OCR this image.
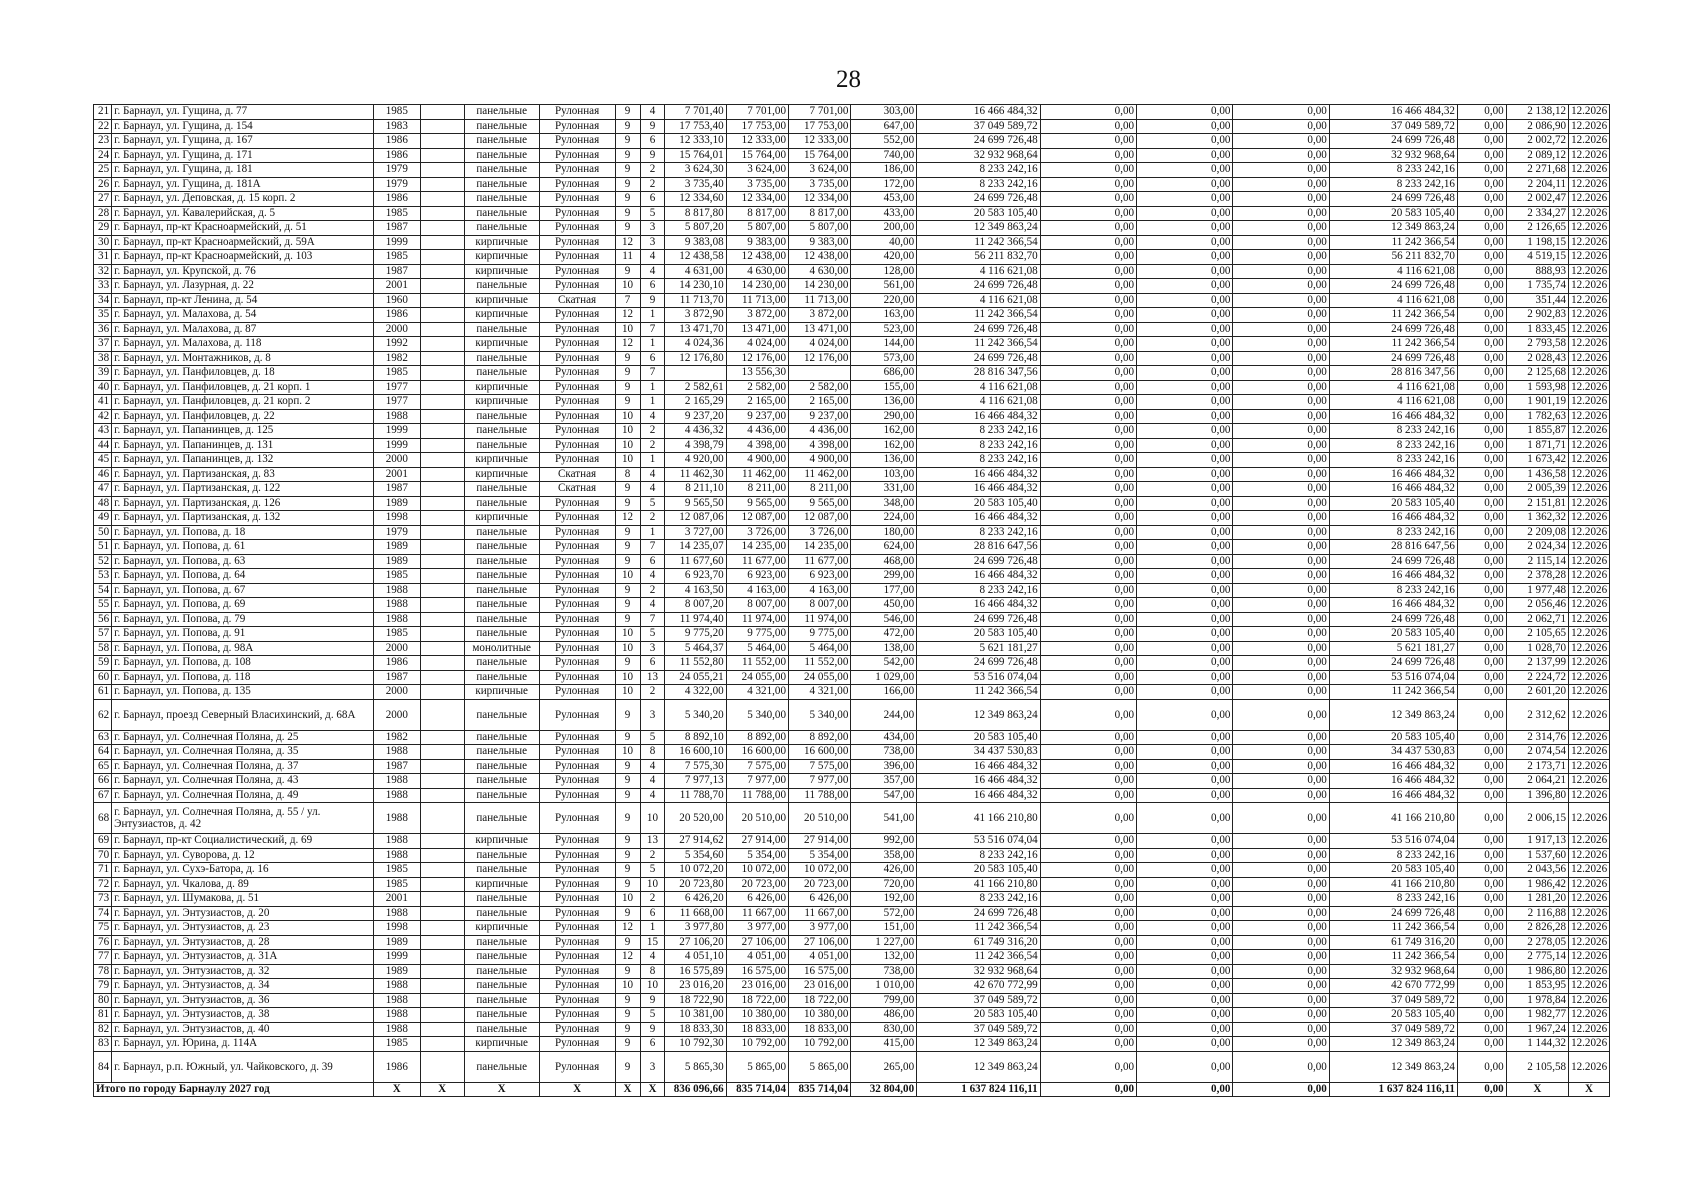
28
21	г. Барнаул, ул. Гущина, д. 77	1985		панельные	Рулонная	9	4	7 701,40	7 701,00	7 701,00	303,00	16 466 484,32	0,00	0,00	0,00	16 466 484,32	0,00	2 138,12	12.2026
22	г. Барнаул, ул. Гущина, д. 154	1983		панельные	Рулонная	9	9	17 753,40	17 753,00	17 753,00	647,00	37 049 589,72	0,00	0,00	0,00	37 049 589,72	0,00	2 086,90	12.2026
23	г. Барнаул, ул. Гущина, д. 167	1986		панельные	Рулонная	9	6	12 333,10	12 333,00	12 333,00	552,00	24 699 726,48	0,00	0,00	0,00	24 699 726,48	0,00	2 002,72	12.2026
24	г. Барнаул, ул. Гущина, д. 171	1986		панельные	Рулонная	9	9	15 764,01	15 764,00	15 764,00	740,00	32 932 968,64	0,00	0,00	0,00	32 932 968,64	0,00	2 089,12	12.2026
25	г. Барнаул, ул. Гущина, д. 181	1979		панельные	Рулонная	9	2	3 624,30	3 624,00	3 624,00	186,00	8 233 242,16	0,00	0,00	0,00	8 233 242,16	0,00	2 271,68	12.2026
26	г. Барнаул, ул. Гущина, д. 181А	1979		панельные	Рулонная	9	2	3 735,40	3 735,00	3 735,00	172,00	8 233 242,16	0,00	0,00	0,00	8 233 242,16	0,00	2 204,11	12.2026
27	г. Барнаул, ул. Деповская, д. 15 корп. 2	1986		панельные	Рулонная	9	6	12 334,60	12 334,00	12 334,00	453,00	24 699 726,48	0,00	0,00	0,00	24 699 726,48	0,00	2 002,47	12.2026
28	г. Барнаул, ул. Кавалерийская, д. 5	1985		панельные	Рулонная	9	5	8 817,80	8 817,00	8 817,00	433,00	20 583 105,40	0,00	0,00	0,00	20 583 105,40	0,00	2 334,27	12.2026
29	г. Барнаул, пр-кт Красноармейский, д. 51	1987		панельные	Рулонная	9	3	5 807,20	5 807,00	5 807,00	200,00	12 349 863,24	0,00	0,00	0,00	12 349 863,24	0,00	2 126,65	12.2026
30	г. Барнаул, пр-кт Красноармейский, д. 59А	1999		кирпичные	Рулонная	12	3	9 383,08	9 383,00	9 383,00	40,00	11 242 366,54	0,00	0,00	0,00	11 242 366,54	0,00	1 198,15	12.2026
31	г. Барнаул, пр-кт Красноармейский, д. 103	1985		кирпичные	Рулонная	11	4	12 438,58	12 438,00	12 438,00	420,00	56 211 832,70	0,00	0,00	0,00	56 211 832,70	0,00	4 519,15	12.2026
32	г. Барнаул, ул. Крупской, д. 76	1987		кирпичные	Рулонная	9	4	4 631,00	4 630,00	4 630,00	128,00	4 116 621,08	0,00	0,00	0,00	4 116 621,08	0,00	888,93	12.2026
33	г. Барнаул, ул. Лазурная, д. 22	2001		панельные	Рулонная	10	6	14 230,10	14 230,00	14 230,00	561,00	24 699 726,48	0,00	0,00	0,00	24 699 726,48	0,00	1 735,74	12.2026
34	г. Барнаул, пр-кт Ленина, д. 54	1960		кирпичные	Скатная	7	9	11 713,70	11 713,00	11 713,00	220,00	4 116 621,08	0,00	0,00	0,00	4 116 621,08	0,00	351,44	12.2026
35	г. Барнаул, ул. Малахова, д. 54	1986		кирпичные	Рулонная	12	1	3 872,90	3 872,00	3 872,00	163,00	11 242 366,54	0,00	0,00	0,00	11 242 366,54	0,00	2 902,83	12.2026
36	г. Барнаул, ул. Малахова, д. 87	2000		панельные	Рулонная	10	7	13 471,70	13 471,00	13 471,00	523,00	24 699 726,48	0,00	0,00	0,00	24 699 726,48	0,00	1 833,45	12.2026
37	г. Барнаул, ул. Малахова, д. 118	1992		кирпичные	Рулонная	12	1	4 024,36	4 024,00	4 024,00	144,00	11 242 366,54	0,00	0,00	0,00	11 242 366,54	0,00	2 793,58	12.2026
38	г. Барнаул, ул. Монтажников, д. 8	1982		панельные	Рулонная	9	6	12 176,80	12 176,00	12 176,00	573,00	24 699 726,48	0,00	0,00	0,00	24 699 726,48	0,00	2 028,43	12.2026
39	г. Барнаул, ул. Панфиловцев, д. 18	1985		панельные	Рулонная	9	7		13 556,30		686,00	28 816 347,56	0,00	0,00	0,00	28 816 347,56	0,00	2 125,68	12.2026
40	г. Барнаул, ул. Панфиловцев, д. 21 корп. 1	1977		кирпичные	Рулонная	9	1	2 582,61	2 582,00	2 582,00	155,00	4 116 621,08	0,00	0,00	0,00	4 116 621,08	0,00	1 593,98	12.2026
41	г. Барнаул, ул. Панфиловцев, д. 21 корп. 2	1977		кирпичные	Рулонная	9	1	2 165,29	2 165,00	2 165,00	136,00	4 116 621,08	0,00	0,00	0,00	4 116 621,08	0,00	1 901,19	12.2026
42	г. Барнаул, ул. Панфиловцев, д. 22	1988		панельные	Рулонная	10	4	9 237,20	9 237,00	9 237,00	290,00	16 466 484,32	0,00	0,00	0,00	16 466 484,32	0,00	1 782,63	12.2026
43	г. Барнаул, ул. Папанинцев, д. 125	1999		панельные	Рулонная	10	2	4 436,32	4 436,00	4 436,00	162,00	8 233 242,16	0,00	0,00	0,00	8 233 242,16	0,00	1 855,87	12.2026
44	г. Барнаул, ул. Папанинцев, д. 131	1999		панельные	Рулонная	10	2	4 398,79	4 398,00	4 398,00	162,00	8 233 242,16	0,00	0,00	0,00	8 233 242,16	0,00	1 871,71	12.2026
45	г. Барнаул, ул. Папанинцев, д. 132	2000		кирпичные	Рулонная	10	1	4 920,00	4 900,00	4 900,00	136,00	8 233 242,16	0,00	0,00	0,00	8 233 242,16	0,00	1 673,42	12.2026
46	г. Барнаул, ул. Партизанская, д. 83	2001		кирпичные	Скатная	8	4	11 462,30	11 462,00	11 462,00	103,00	16 466 484,32	0,00	0,00	0,00	16 466 484,32	0,00	1 436,58	12.2026
47	г. Барнаул, ул. Партизанская, д. 122	1987		панельные	Скатная	9	4	8 211,10	8 211,00	8 211,00	331,00	16 466 484,32	0,00	0,00	0,00	16 466 484,32	0,00	2 005,39	12.2026
48	г. Барнаул, ул. Партизанская, д. 126	1989		панельные	Рулонная	9	5	9 565,50	9 565,00	9 565,00	348,00	20 583 105,40	0,00	0,00	0,00	20 583 105,40	0,00	2 151,81	12.2026
49	г. Барнаул, ул. Партизанская, д. 132	1998		кирпичные	Рулонная	12	2	12 087,06	12 087,00	12 087,00	224,00	16 466 484,32	0,00	0,00	0,00	16 466 484,32	0,00	1 362,32	12.2026
50	г. Барнаул, ул. Попова, д. 18	1979		панельные	Рулонная	9	1	3 727,00	3 726,00	3 726,00	180,00	8 233 242,16	0,00	0,00	0,00	8 233 242,16	0,00	2 209,08	12.2026
51	г. Барнаул, ул. Попова, д. 61	1989		панельные	Рулонная	9	7	14 235,07	14 235,00	14 235,00	624,00	28 816 647,56	0,00	0,00	0,00	28 816 647,56	0,00	2 024,34	12.2026
52	г. Барнаул, ул. Попова, д. 63	1989		панельные	Рулонная	9	6	11 677,60	11 677,00	11 677,00	468,00	24 699 726,48	0,00	0,00	0,00	24 699 726,48	0,00	2 115,14	12.2026
53	г. Барнаул, ул. Попова, д. 64	1985		панельные	Рулонная	10	4	6 923,70	6 923,00	6 923,00	299,00	16 466 484,32	0,00	0,00	0,00	16 466 484,32	0,00	2 378,28	12.2026
54	г. Барнаул, ул. Попова, д. 67	1988		панельные	Рулонная	9	2	4 163,50	4 163,00	4 163,00	177,00	8 233 242,16	0,00	0,00	0,00	8 233 242,16	0,00	1 977,48	12.2026
55	г. Барнаул, ул. Попова, д. 69	1988		панельные	Рулонная	9	4	8 007,20	8 007,00	8 007,00	450,00	16 466 484,32	0,00	0,00	0,00	16 466 484,32	0,00	2 056,46	12.2026
56	г. Барнаул, ул. Попова, д. 79	1988		панельные	Рулонная	9	7	11 974,40	11 974,00	11 974,00	546,00	24 699 726,48	0,00	0,00	0,00	24 699 726,48	0,00	2 062,71	12.2026
57	г. Барнаул, ул. Попова, д. 91	1985		панельные	Рулонная	10	5	9 775,20	9 775,00	9 775,00	472,00	20 583 105,40	0,00	0,00	0,00	20 583 105,40	0,00	2 105,65	12.2026
58	г. Барнаул, ул. Попова, д. 98А	2000		монолитные	Рулонная	10	3	5 464,37	5 464,00	5 464,00	138,00	5 621 181,27	0,00	0,00	0,00	5 621 181,27	0,00	1 028,70	12.2026
59	г. Барнаул, ул. Попова, д. 108	1986		панельные	Рулонная	9	6	11 552,80	11 552,00	11 552,00	542,00	24 699 726,48	0,00	0,00	0,00	24 699 726,48	0,00	2 137,99	12.2026
60	г. Барнаул, ул. Попова, д. 118	1987		панельные	Рулонная	10	13	24 055,21	24 055,00	24 055,00	1 029,00	53 516 074,04	0,00	0,00	0,00	53 516 074,04	0,00	2 224,72	12.2026
61	г. Барнаул, ул. Попова, д. 135	2000		кирпичные	Рулонная	10	2	4 322,00	4 321,00	4 321,00	166,00	11 242 366,54	0,00	0,00	0,00	11 242 366,54	0,00	2 601,20	12.2026
62	г. Барнаул, проезд Северный Власихинский, д. 68А	2000		панельные	Рулонная	9	3	5 340,20	5 340,00	5 340,00	244,00	12 349 863,24	0,00	0,00	0,00	12 349 863,24	0,00	2 312,62	12.2026
63	г. Барнаул, ул. Солнечная Поляна, д. 25	1982		панельные	Рулонная	9	5	8 892,10	8 892,00	8 892,00	434,00	20 583 105,40	0,00	0,00	0,00	20 583 105,40	0,00	2 314,76	12.2026
64	г. Барнаул, ул. Солнечная Поляна, д. 35	1988		панельные	Рулонная	10	8	16 600,10	16 600,00	16 600,00	738,00	34 437 530,83	0,00	0,00	0,00	34 437 530,83	0,00	2 074,54	12.2026
65	г. Барнаул, ул. Солнечная Поляна, д. 37	1987		панельные	Рулонная	9	4	7 575,30	7 575,00	7 575,00	396,00	16 466 484,32	0,00	0,00	0,00	16 466 484,32	0,00	2 173,71	12.2026
66	г. Барнаул, ул. Солнечная Поляна, д. 43	1988		панельные	Рулонная	9	4	7 977,13	7 977,00	7 977,00	357,00	16 466 484,32	0,00	0,00	0,00	16 466 484,32	0,00	2 064,21	12.2026
67	г. Барнаул, ул. Солнечная Поляна, д. 49	1988		панельные	Рулонная	9	4	11 788,70	11 788,00	11 788,00	547,00	16 466 484,32	0,00	0,00	0,00	16 466 484,32	0,00	1 396,80	12.2026
68	г. Барнаул, ул. Солнечная Поляна, д. 55 / ул. Энтузиастов, д. 42	1988		панельные	Рулонная	9	10	20 520,00	20 510,00	20 510,00	541,00	41 166 210,80	0,00	0,00	0,00	41 166 210,80	0,00	2 006,15	12.2026
69	г. Барнаул, пр-кт Социалистический, д. 69	1988		кирпичные	Рулонная	9	13	27 914,62	27 914,00	27 914,00	992,00	53 516 074,04	0,00	0,00	0,00	53 516 074,04	0,00	1 917,13	12.2026
70	г. Барнаул, ул. Суворова, д. 12	1988		панельные	Рулонная	9	2	5 354,60	5 354,00	5 354,00	358,00	8 233 242,16	0,00	0,00	0,00	8 233 242,16	0,00	1 537,60	12.2026
71	г. Барнаул, ул. Сухэ-Батора, д. 16	1985		панельные	Рулонная	9	5	10 072,20	10 072,00	10 072,00	426,00	20 583 105,40	0,00	0,00	0,00	20 583 105,40	0,00	2 043,56	12.2026
72	г. Барнаул, ул. Чкалова, д. 89	1985		кирпичные	Рулонная	9	10	20 723,80	20 723,00	20 723,00	720,00	41 166 210,80	0,00	0,00	0,00	41 166 210,80	0,00	1 986,42	12.2026
73	г. Барнаул, ул. Шумакова, д. 51	2001		панельные	Рулонная	10	2	6 426,20	6 426,00	6 426,00	192,00	8 233 242,16	0,00	0,00	0,00	8 233 242,16	0,00	1 281,20	12.2026
74	г. Барнаул, ул. Энтузиастов, д. 20	1988		панельные	Рулонная	9	6	11 668,00	11 667,00	11 667,00	572,00	24 699 726,48	0,00	0,00	0,00	24 699 726,48	0,00	2 116,88	12.2026
75	г. Барнаул, ул. Энтузиастов, д. 23	1998		кирпичные	Рулонная	12	1	3 977,80	3 977,00	3 977,00	151,00	11 242 366,54	0,00	0,00	0,00	11 242 366,54	0,00	2 826,28	12.2026
76	г. Барнаул, ул. Энтузиастов, д. 28	1989		панельные	Рулонная	9	15	27 106,20	27 106,00	27 106,00	1 227,00	61 749 316,20	0,00	0,00	0,00	61 749 316,20	0,00	2 278,05	12.2026
77	г. Барнаул, ул. Энтузиастов, д. 31А	1999		панельные	Рулонная	12	4	4 051,10	4 051,00	4 051,00	132,00	11 242 366,54	0,00	0,00	0,00	11 242 366,54	0,00	2 775,14	12.2026
78	г. Барнаул, ул. Энтузиастов, д. 32	1989		панельные	Рулонная	9	8	16 575,89	16 575,00	16 575,00	738,00	32 932 968,64	0,00	0,00	0,00	32 932 968,64	0,00	1 986,80	12.2026
79	г. Барнаул, ул. Энтузиастов, д. 34	1988		панельные	Рулонная	10	10	23 016,20	23 016,00	23 016,00	1 010,00	42 670 772,99	0,00	0,00	0,00	42 670 772,99	0,00	1 853,95	12.2026
80	г. Барнаул, ул. Энтузиастов, д. 36	1988		панельные	Рулонная	9	9	18 722,90	18 722,00	18 722,00	799,00	37 049 589,72	0,00	0,00	0,00	37 049 589,72	0,00	1 978,84	12.2026
81	г. Барнаул, ул. Энтузиастов, д. 38	1988		панельные	Рулонная	9	5	10 381,00	10 380,00	10 380,00	486,00	20 583 105,40	0,00	0,00	0,00	20 583 105,40	0,00	1 982,77	12.2026
82	г. Барнаул, ул. Энтузиастов, д. 40	1988		панельные	Рулонная	9	9	18 833,30	18 833,00	18 833,00	830,00	37 049 589,72	0,00	0,00	0,00	37 049 589,72	0,00	1 967,24	12.2026
83	г. Барнаул, ул. Юрина, д. 114А	1985		кирпичные	Рулонная	9	6	10 792,30	10 792,00	10 792,00	415,00	12 349 863,24	0,00	0,00	0,00	12 349 863,24	0,00	1 144,32	12.2026
84	г. Барнаул, р.п. Южный, ул. Чайковского, д. 39	1986		панельные	Рулонная	9	3	5 865,30	5 865,00	5 865,00	265,00	12 349 863,24	0,00	0,00	0,00	12 349 863,24	0,00	2 105,58	12.2026
Итого по городу Барнаулу 2027 год		X	X	X	X	X	X	836 096,66	835 714,04	835 714,04	32 804,00	1 637 824 116,11	0,00	0,00	0,00	1 637 824 116,11	0,00	X	X
